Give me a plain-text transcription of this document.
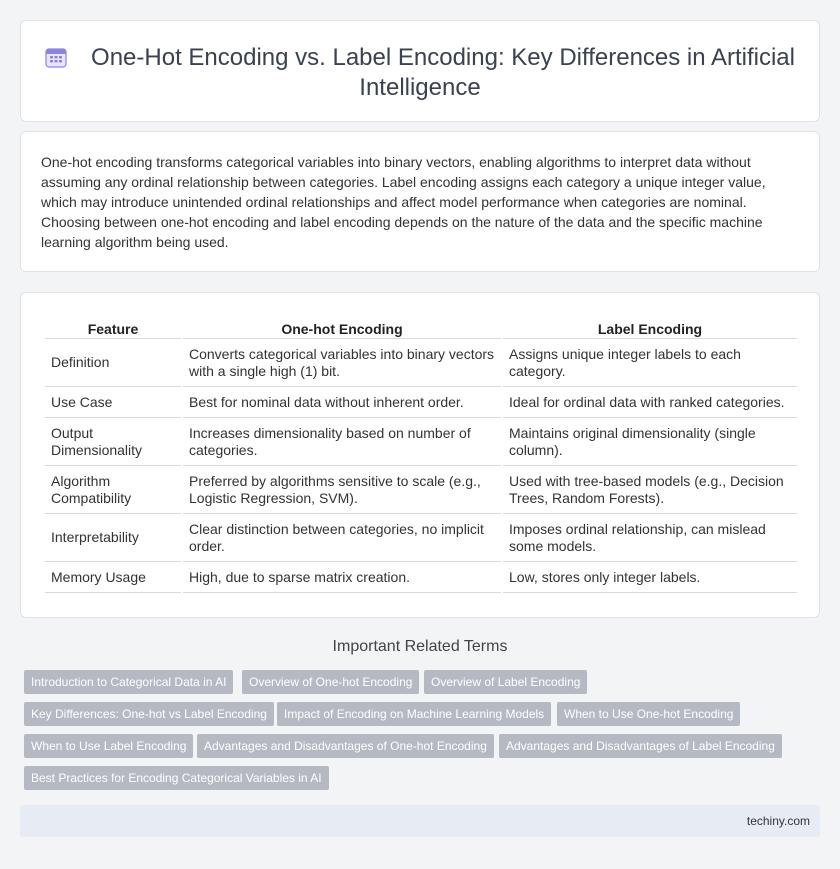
One-Hot Encoding vs. Label Encoding: Key Differences in Artificial Intelligence

One-hot encoding transforms categorical variables into binary vectors, enabling algorithms to interpret data without assuming any ordinal relationship between categories. Label encoding assigns each category a unique integer value, which may introduce unintended ordinal relationships and affect model performance when categories are nominal. Choosing between one-hot encoding and label encoding depends on the nature of the data and the specific machine learning algorithm being used.

Feature	One-hot Encoding	Label Encoding
Definition	Converts categorical variables into binary vectors with a single high (1) bit.	Assigns unique integer labels to each category.
Use Case	Best for nominal data without inherent order.	Ideal for ordinal data with ranked categories.
Output Dimensionality	Increases dimensionality based on number of categories.	Maintains original dimensionality (single column).
Algorithm Compatibility	Preferred by algorithms sensitive to scale (e.g., Logistic Regression, SVM).	Used with tree-based models (e.g., Decision Trees, Random Forests).
Interpretability	Clear distinction between categories, no implicit order.	Imposes ordinal relationship, can mislead some models.
Memory Usage	High, due to sparse matrix creation.	Low, stores only integer labels.
Important Related Terms
Introduction to Categorical Data in AI	Overview of One-hot Encoding	Overview of Label Encoding
Key Differences: One-hot vs Label Encoding	Impact of Encoding on Machine Learning Models	When to Use One-hot Encoding
When to Use Label Encoding	Advantages and Disadvantages of One-hot Encoding	Advantages and Disadvantages of Label Encoding
Best Practices for Encoding Categorical Variables in AI
techiny.com
